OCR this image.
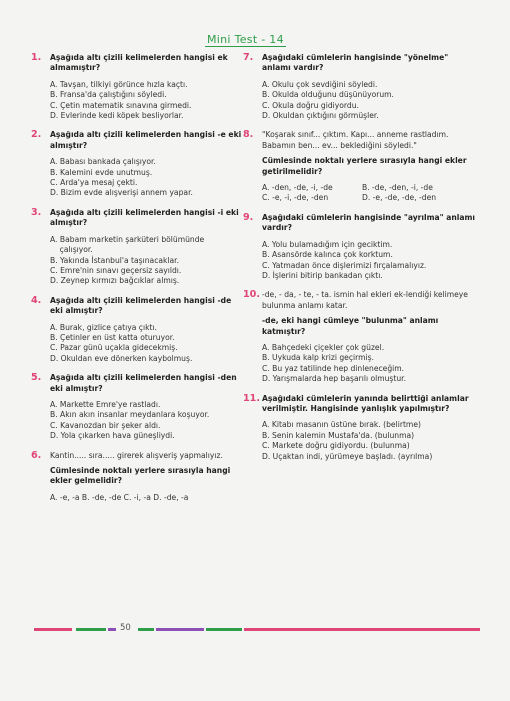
Mini Test - 14
1. Aşağıda altı çizili kelimelerden hangisi ek almamıştır?
A. Tavşan, tilkiyi görünce hızla kaçtı.
B. Fransa'da çalıştığını söyledi.
C. Çetin matematik sınavına girmedi.
D. Evlerinde kedi köpek besliyorlar.
2. Aşağıda altı çizili kelimelerden hangisi -e eki almıştır?
A. Babası bankada çalışıyor.
B. Kalemini evde unutmuş.
C. Arda'ya mesaj çekti.
D. Bizim evde alışverişi annem yapar.
3. Aşağıda altı çizili kelimelerden hangisi -i eki almıştır?
A. Babam marketin şarküteri bölümünde
çalışıyor.
B. Yakında İstanbul'a taşınacaklar.
C. Emre'nin sınavı geçersiz sayıldı.
D. Zeynep kırmızı bağcıklar almış.
4. Aşağıda altı çizili kelimelerden hangisi -de eki almıştır?
A. Burak, gizlice çatıya çıktı.
B. Çetinler en üst katta oturuyor.
C. Pazar günü uçakla gidecekmiş.
D. Okuldan eve dönerken kaybolmuş.
5. Aşağıda altı çizili kelimelerden hangisi -den eki almıştır?
A. Markette Emre'ye rastladı.
B. Akın akın insanlar meydanlara koşuyor.
C. Kavanozdan bir şeker aldı.
D. Yola çıkarken hava güneşliydi.
6. Kantin..... sıra..... girerek alışveriş yapmalıyız.
Cümlesinde noktalı yerlere sırasıyla hangi ekler gelmelidir?
A. -e, -a B. -de, -de C. -i, -a D. -de, -a
7. Aşağıdaki cümlelerin hangisinde "yönelme" anlamı vardır?
A. Okulu çok sevdiğini söyledi.
B. Okulda olduğunu düşünüyorum.
C. Okula doğru gidiyordu.
D. Okuldan çıktığını görmüşler.
8. "Koşarak sınıf... çıktım. Kapı... anneme rastladım. Babamın ben... ev... beklediğini söyledi."
Cümlesinde noktalı yerlere sırasıyla hangi ekler getirilmelidir?
A. -den, -de, -i, -de	B. -de, -den, -i, -de
C. -e, -i, -de, -den	D. -e, -de, -de, -den
9. Aşağıdaki cümlelerin hangisinde "ayrılma" anlamı vardır?
A. Yolu bulamadığım için geciktim.
B. Asansörde kalınca çok korktum.
C. Yatmadan önce dişlerimizi fırçalamalıyız.
D. İşlerini bitirip bankadan çıktı.
10. -de, - da, - te, - ta. ismin hal ekleri ek-lendiği kelimeye bulunma anlamı katar.
-de, eki hangi cümleye "bulunma" anlamı katmıştır?
A. Bahçedeki çiçekler çok güzel.
B. Uykuda kalp krizi geçirmiş.
C. Bu yaz tatilinde hep dinleneceğim.
D. Yarışmalarda hep başarılı olmuştur.
11. Aşağıdaki cümlelerin yanında belirttiği anlamlar verilmiştir. Hangisinde yanlışlık yapılmıştır?
A. Kitabı masanın üstüne bırak. (belirtme)
B. Senin kalemin Mustafa'da. (bulunma)
C. Markete doğru gidiyordu. (bulunma)
D. Uçaktan indi, yürümeye başladı. (ayrılma)
50
